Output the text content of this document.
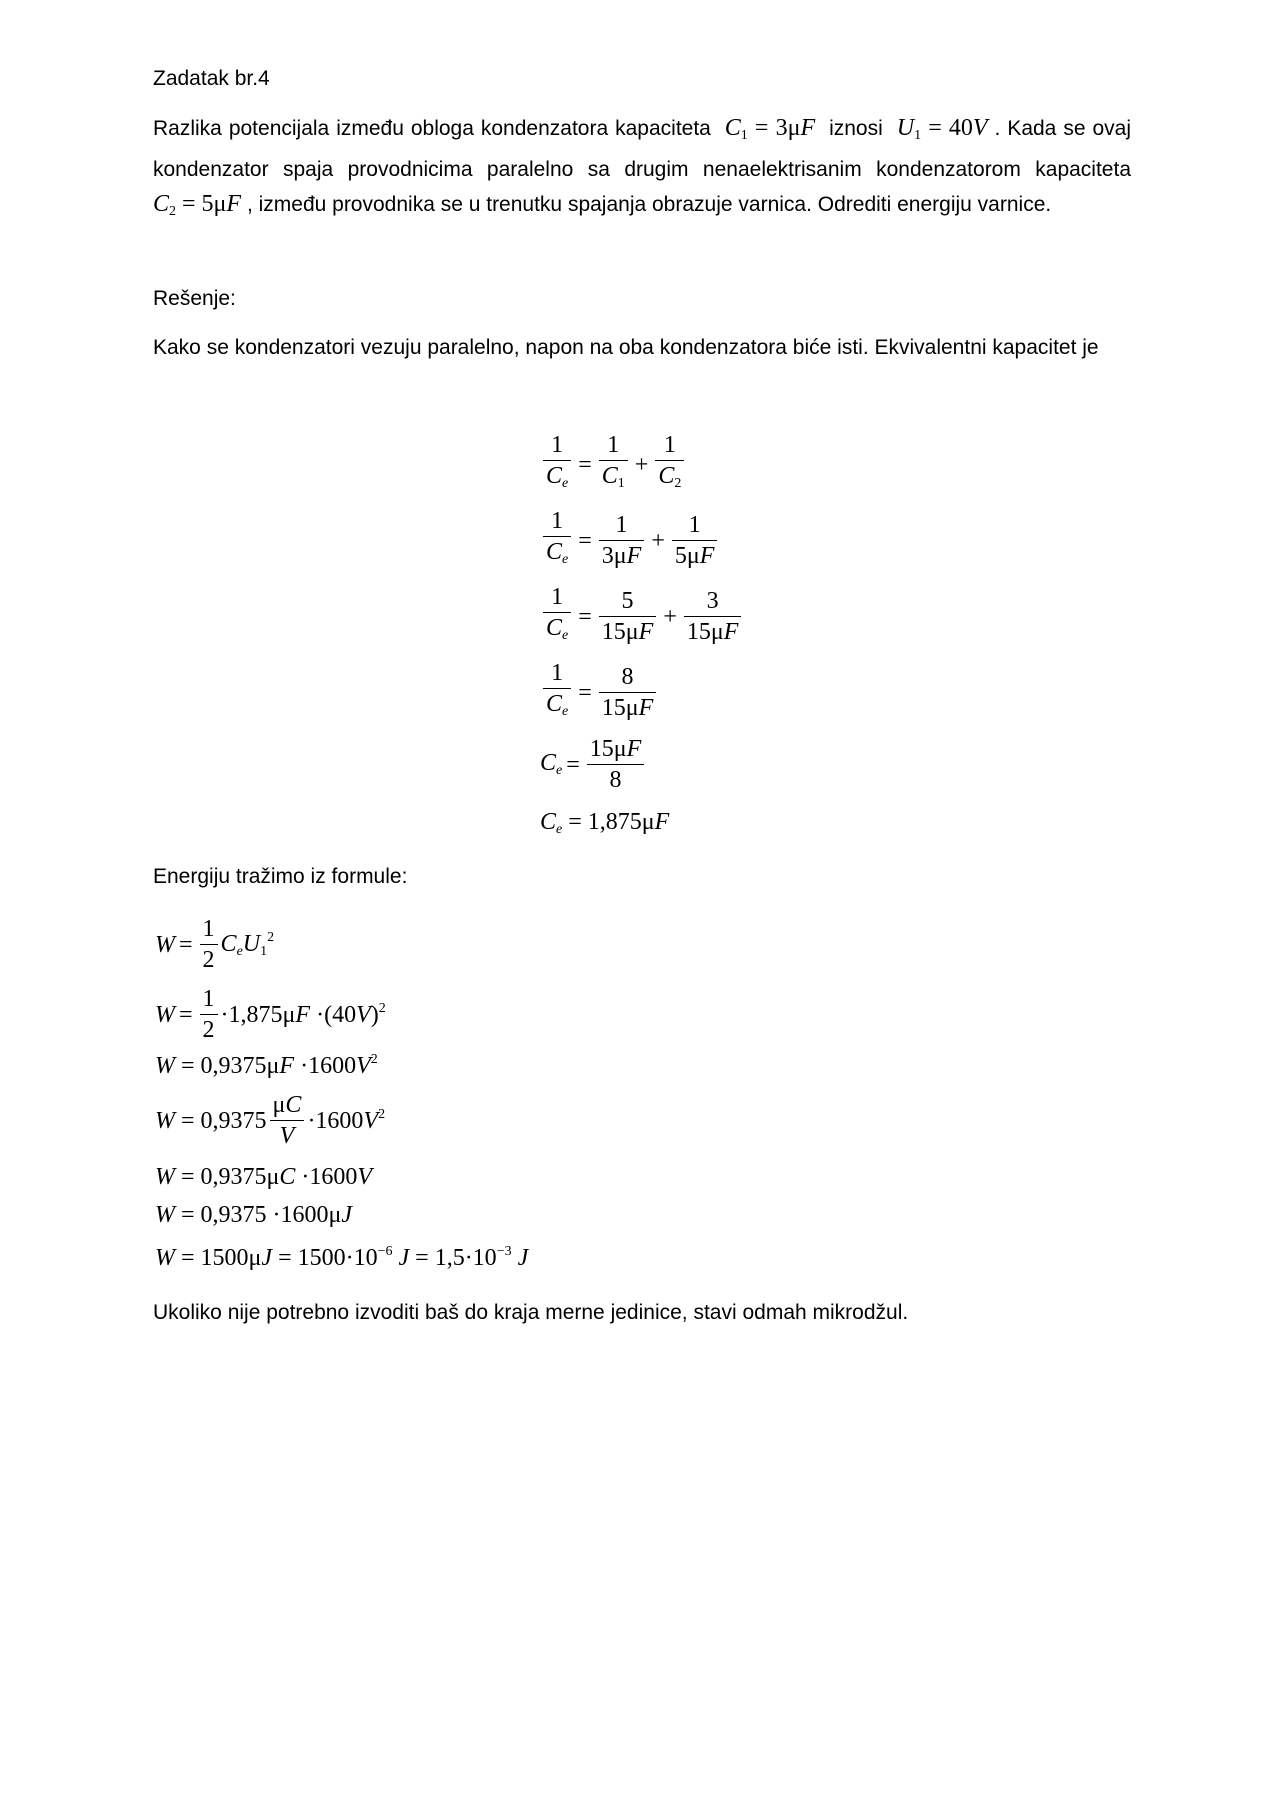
Zadatak br.4

Razlika potencijala između obloga kondenzatora kapaciteta $C_1 = 3\mu F$ iznosi $U_1 = 40V$ . Kada se ovaj kondenzator spaja provodnicima paralelno sa drugim nenaelektrisanim kondenzatorom kapaciteta $C_2 = 5\mu F$ , između provodnika se u trenutku spajanja obrazuje varnica. Odrediti energiju varnice.

Rešenje:

Kako se kondenzatori vezuju paralelno, napon na oba kondenzatora biće isti. Ekvivalentni kapacitet je

$\frac{1}{C_e} = \frac{1}{C_1} + \frac{1}{C_2}$
$\frac{1}{C_e} = \frac{1}{3\mu F} + \frac{1}{5\mu F}$
$\frac{1}{C_e} = \frac{5}{15\mu F} + \frac{3}{15\mu F}$
$\frac{1}{C_e} = \frac{8}{15\mu F}$
$C_e = \frac{15\mu F}{8}$
$C_e = 1,875\mu F$

Energiju tražimo iz formule:

$W = \frac{1}{2} C_eU_1^2$
$W = \frac{1}{2} \cdot 1,875\mu F \cdot(40V)^2$
$W = 0,9375\mu F \cdot 1600V^2$
$W = 0,9375 \frac{\mu C}{V} \cdot 1600V^2$
W = 0,9375μC ·1600V
W = 0,9375 ·1600μJ
$W = 1500\mu J = 1500\cdot 10^{-6}$ $J = 1,5\cdot 10^{-3}$ J

Ukoliko nije potrebno izvoditi baš do kraja merne jedinice, stavi odmah mikrodžul.
